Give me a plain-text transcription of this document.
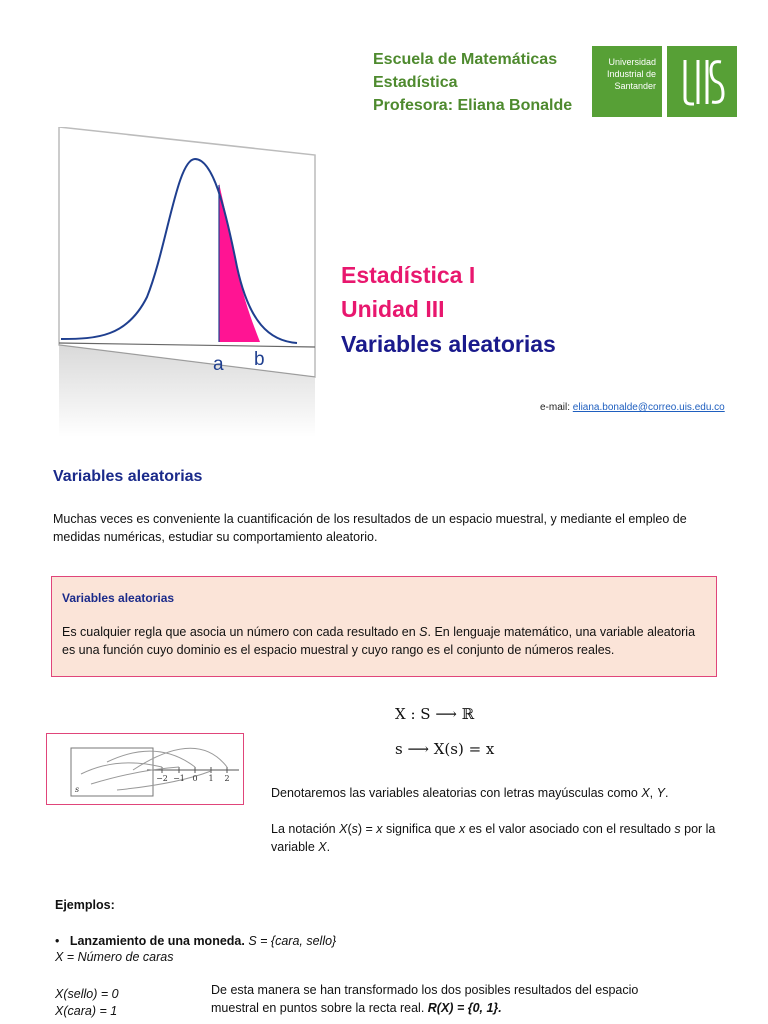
Escuela de Matemáticas
Estadística
Profesora: Eliana Bonalde
Universidad
Industrial de
Santander
a b
Estadística I
Unidad III
Variables aleatorias
e-mail: eliana.bonalde@correo.uis.edu.co
Variables aleatorias
Muchas veces es conveniente la cuantificación de los resultados de un espacio muestral, y mediante el empleo de medidas numéricas, estudiar su comportamiento aleatorio.
Variables aleatorias
Es cualquier regla que asocia un número con cada resultado en S. En lenguaje matemático, una variable aleatoria es una función cuyo dominio es el espacio muestral y cuyo rango es el conjunto de números reales.
X : S ⟶ ℝ
s ⟶ X(s) = x
s
−2 −1 0 1 2
Denotaremos las variables aleatorias con letras mayúsculas como X, Y.
La notación X(s) = x significa que x es el valor asociado con el resultado s por la variable X.
Ejemplos:
• Lanzamiento de una moneda. S = {cara, sello}
X = Número de caras
X(sello) = 0
X(cara) = 1
De esta manera se han transformado los dos posibles resultados del espacio muestral en puntos sobre la recta real. R(X) = {0, 1}.
